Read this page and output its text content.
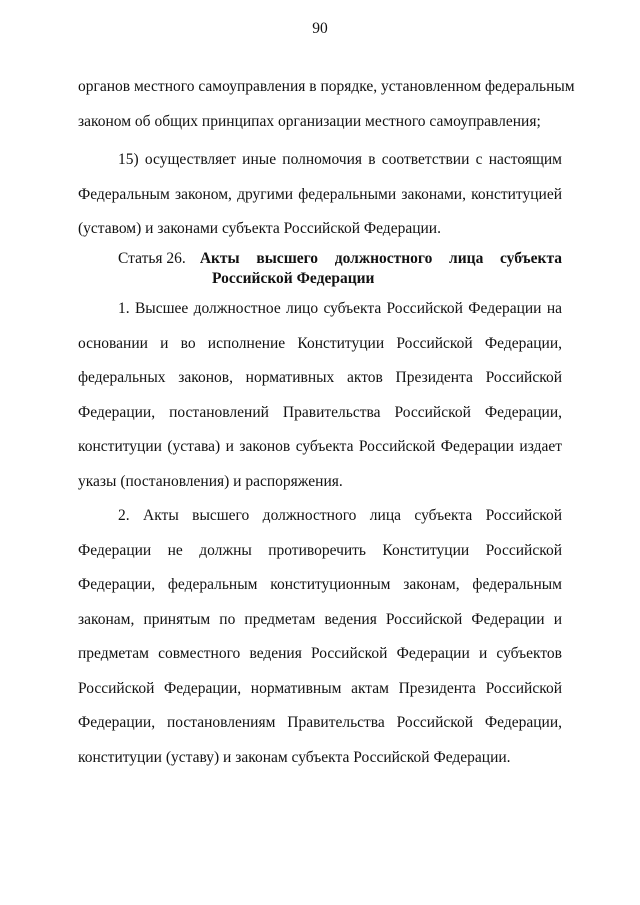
90
органов местного самоуправления в порядке, установленном федеральным
законом об общих принципах организации местного самоуправления;
15) осуществляет иные полномочия в соответствии с настоящим
Федеральным законом, другими федеральными законами, конституцией
(уставом) и законами субъекта Российской Федерации.
Статья 26. Акты высшего должностного лица субъекта
Российской Федерации
1. Высшее должностное лицо субъекта Российской Федерации на
основании и во исполнение Конституции Российской Федерации,
федеральных законов, нормативных актов Президента Российской
Федерации, постановлений Правительства Российской Федерации,
конституции (устава) и законов субъекта Российской Федерации издает
указы (постановления) и распоряжения.
2. Акты высшего должностного лица субъекта Российской
Федерации не должны противоречить Конституции Российской
Федерации, федеральным конституционным законам, федеральным
законам, принятым по предметам ведения Российской Федерации и
предметам совместного ведения Российской Федерации и субъектов
Российской Федерации, нормативным актам Президента Российской
Федерации, постановлениям Правительства Российской Федерации,
конституции (уставу) и законам субъекта Российской Федерации.
